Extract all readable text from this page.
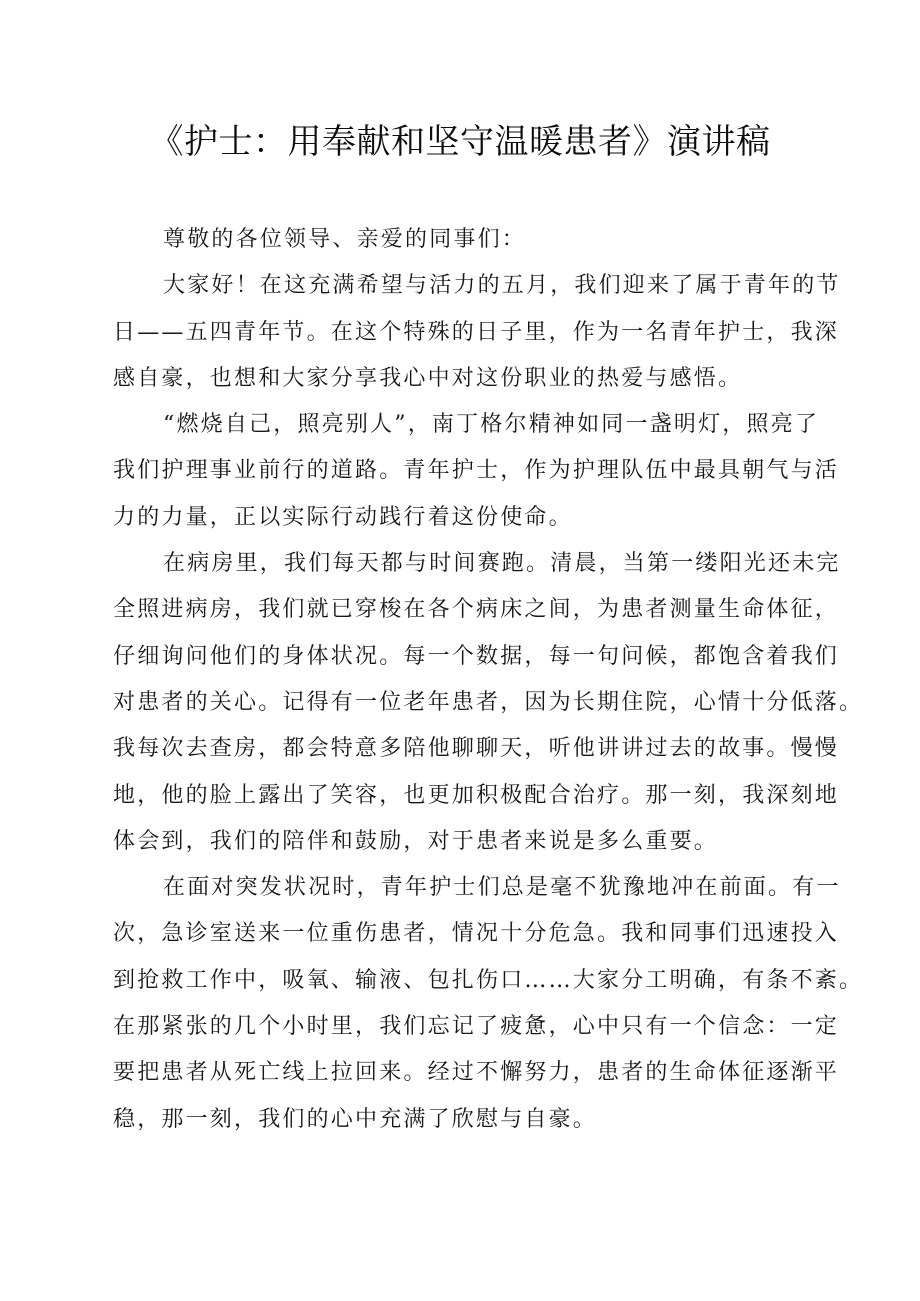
《护士：用奉献和坚守温暖患者》演讲稿

尊敬的各位领导、亲爱的同事们：

大家好！在这充满希望与活力的五月，我们迎来了属于青年的节
日——五四青年节。在这个特殊的日子里，作为一名青年护士，我深
感自豪，也想和大家分享我心中对这份职业的热爱与感悟。

“燃烧自己，照亮别人”，南丁格尔精神如同一盏明灯，照亮了
我们护理事业前行的道路。青年护士，作为护理队伍中最具朝气与活
力的力量，正以实际行动践行着这份使命。

在病房里，我们每天都与时间赛跑。清晨，当第一缕阳光还未完
全照进病房，我们就已穿梭在各个病床之间，为患者测量生命体征，
仔细询问他们的身体状况。每一个数据，每一句问候，都饱含着我们
对患者的关心。记得有一位老年患者，因为长期住院，心情十分低落。
我每次去查房，都会特意多陪他聊聊天，听他讲讲过去的故事。慢慢
地，他的脸上露出了笑容，也更加积极配合治疗。那一刻，我深刻地
体会到，我们的陪伴和鼓励，对于患者来说是多么重要。

在面对突发状况时，青年护士们总是毫不犹豫地冲在前面。有一
次，急诊室送来一位重伤患者，情况十分危急。我和同事们迅速投入
到抢救工作中，吸氧、输液、包扎伤口……大家分工明确，有条不紊。
在那紧张的几个小时里，我们忘记了疲惫，心中只有一个信念：一定
要把患者从死亡线上拉回来。经过不懈努力，患者的生命体征逐渐平
稳，那一刻，我们的心中充满了欣慰与自豪。
